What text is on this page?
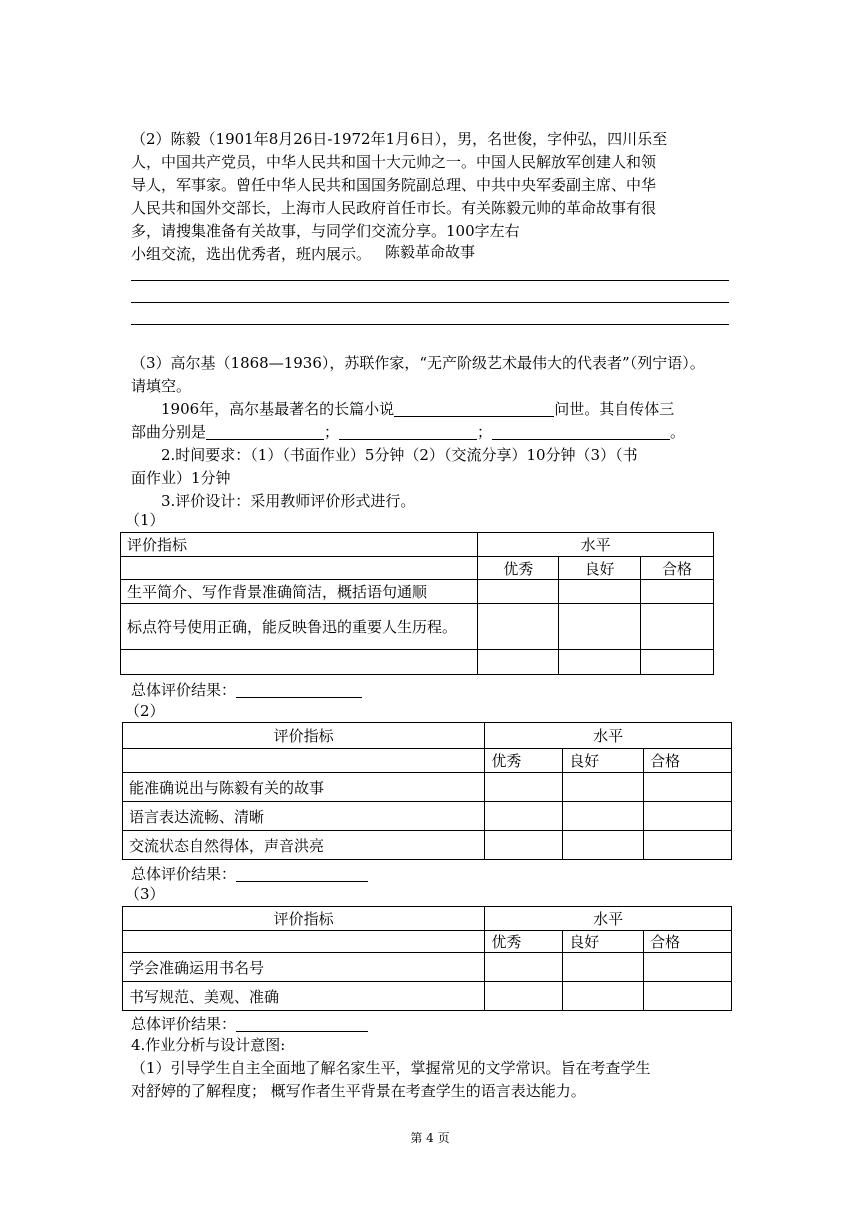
（2）陈毅（1901年8月26日-1972年1月6日），男，名世俊，字仲弘，四川乐至
人，中国共产党员，中华人民共和国十大元帅之一。中国人民解放军创建人和领
导人，军事家。曾任中华人民共和国国务院副总理、中共中央军委副主席、中华
人民共和国外交部长，上海市人民政府首任市长。有关陈毅元帅的革命故事有很
多，请搜集准备有关故事，与同学们交流分享。100字左右
小组交流，选出优秀者，班内展示。 陈毅革命故事
（3）高尔基（1868—1936），苏联作家，“无产阶级艺术最伟大的代表者”（列宁语）。
请填空。
1906年，高尔基最著名的长篇小说	问世。其自传体三
部曲分别是	；	；	。
2.时间要求：（1）（书面作业）5分钟（2）（交流分享）10分钟（3）（书
面作业）1分钟
3.评价设计：采用教师评价形式进行。
（1）
评价指标	水平		
	优秀	良好	合格
生平简介、写作背景准确简洁，概括语句通顺			
标点符号使用正确，能反映鲁迅的重要人生历程。			

总体评价结果：
（2）
评价指标	水平		
	优秀	良好	合格
能准确说出与陈毅有关的故事			
语言表达流畅、清晰			
交流状态自然得体，声音洪亮			
总体评价结果：
（3）
评价指标	水平		
	优秀	良好	合格
学会准确运用书名号			
书写规范、美观、准确			
总体评价结果：
4.作业分析与设计意图:
（1）引导学生自主全面地了解名家生平，掌握常见的文学常识。旨在考查学生
对舒婷的了解程度； 概写作者生平背景在考查学生的语言表达能力。
第 4 页
